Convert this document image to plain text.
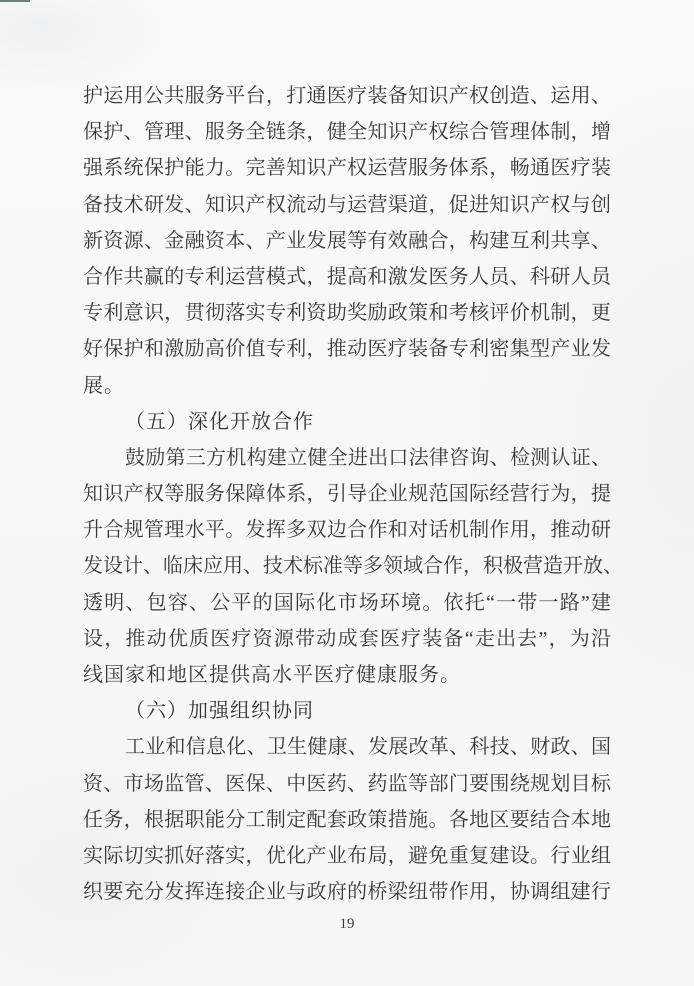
护运用公共服务平台，打通医疗装备知识产权创造、运用、
保护、管理、服务全链条，健全知识产权综合管理体制，增
强系统保护能力。完善知识产权运营服务体系，畅通医疗装
备技术研发、知识产权流动与运营渠道，促进知识产权与创
新资源、金融资本、产业发展等有效融合，构建互利共享、
合作共赢的专利运营模式，提高和激发医务人员、科研人员
专利意识，贯彻落实专利资助奖励政策和考核评价机制，更
好保护和激励高价值专利，推动医疗装备专利密集型产业发
展。
（五）深化开放合作
鼓励第三方机构建立健全进出口法律咨询、检测认证、
知识产权等服务保障体系，引导企业规范国际经营行为，提
升合规管理水平。发挥多双边合作和对话机制作用，推动研
发设计、临床应用、技术标准等多领域合作，积极营造开放、
透明、包容、公平的国际化市场环境。依托“一带一路”建
设，推动优质医疗资源带动成套医疗装备“走出去”，为沿
线国家和地区提供高水平医疗健康服务。
（六）加强组织协同
工业和信息化、卫生健康、发展改革、科技、财政、国
资、市场监管、医保、中医药、药监等部门要围绕规划目标
任务，根据职能分工制定配套政策措施。各地区要结合本地
实际切实抓好落实，优化产业布局，避免重复建设。行业组
织要充分发挥连接企业与政府的桥梁纽带作用，协调组建行
19
